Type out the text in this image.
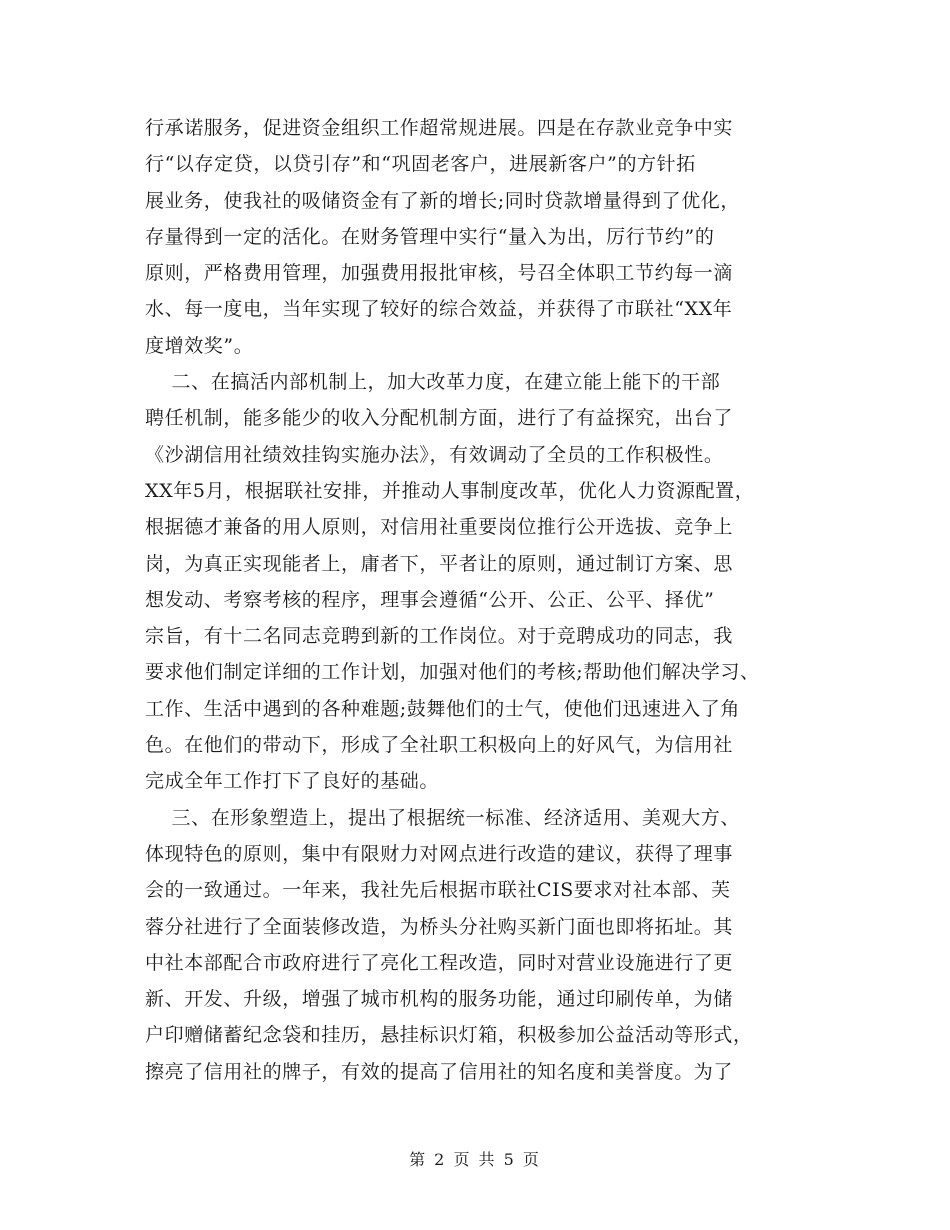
行承诺服务，促进资金组织工作超常规进展。四是在存款业竞争中实
行“以存定贷，以贷引存”和“巩固老客户，进展新客户”的方针拓
展业务，使我社的吸储资金有了新的增长;同时贷款增量得到了优化，
存量得到一定的活化。在财务管理中实行“量入为出，厉行节约”的
原则，严格费用管理，加强费用报批审核，号召全体职工节约每一滴
水、每一度电，当年实现了较好的综合效益，并获得了市联社“XX年
度增效奖”。
二、在搞活内部机制上，加大改革力度，在建立能上能下的干部
聘任机制，能多能少的收入分配机制方面，进行了有益探究，出台了
《沙湖信用社绩效挂钩实施办法》，有效调动了全员的工作积极性。
XX年5月，根据联社安排，并推动人事制度改革，优化人力资源配置，
根据德才兼备的用人原则，对信用社重要岗位推行公开选拔、竞争上
岗，为真正实现能者上，庸者下，平者让的原则，通过制订方案、思
想发动、考察考核的程序，理事会遵循“公开、公正、公平、择优”
宗旨，有十二名同志竞聘到新的工作岗位。对于竞聘成功的同志，我
要求他们制定详细的工作计划，加强对他们的考核;帮助他们解决学习、
工作、生活中遇到的各种难题;鼓舞他们的士气，使他们迅速进入了角
色。在他们的带动下，形成了全社职工积极向上的好风气，为信用社
完成全年工作打下了良好的基础。
三、在形象塑造上，提出了根据统一标准、经济适用、美观大方、
体现特色的原则，集中有限财力对网点进行改造的建议，获得了理事
会的一致通过。一年来，我社先后根据市联社CIS要求对社本部、芙
蓉分社进行了全面装修改造，为桥头分社购买新门面也即将拓址。其
中社本部配合市政府进行了亮化工程改造，同时对营业设施进行了更
新、开发、升级，增强了城市机构的服务功能，通过印刷传单，为储
户印赠储蓄纪念袋和挂历，悬挂标识灯箱，积极参加公益活动等形式，
擦亮了信用社的牌子，有效的提高了信用社的知名度和美誉度。为了
第 2 页 共 5 页
